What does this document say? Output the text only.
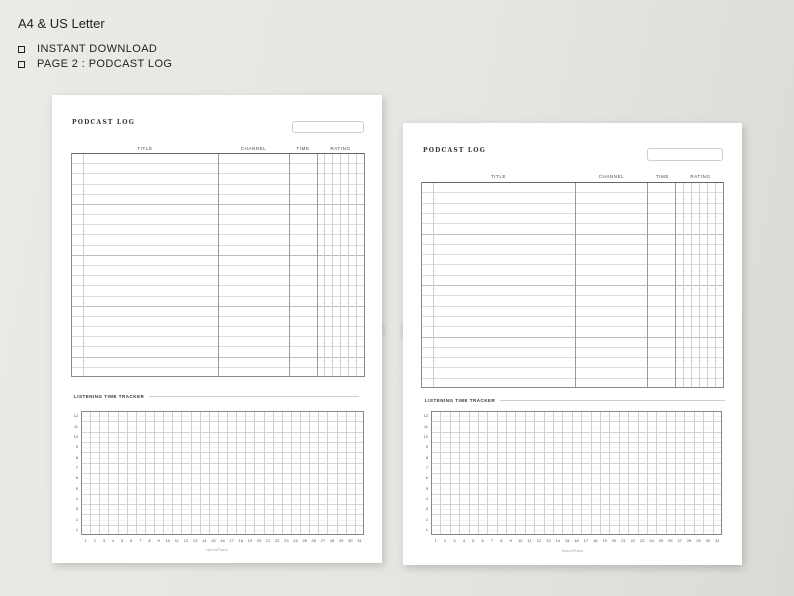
A4 & US Letter
INSTANT DOWNLOAD
PAGE 2 : PODCAST LOG
PODCAST LOG
TITLE	CHANNEL	TIME	RATING
LISTENING TIME TRACKER
HarooPlans
12
11
10
9
8
7
6
5
4
3
2
1
1	2	3	4	5	6	7	8	9	10	11	12	13	14	15	16	17	18	19	20	21	22	23	24	25	26	27	28	29	30	31
PODCAST LOG
TITLE	CHANNEL	TIME	RATING
LISTENING TIME TRACKER
HarooPlans
12
11
10
9
8
7
6
5
4
3
2
1
1	2	3	4	5	6	7	8	9	10	11	12	13	14	15	16	17	18	19	20	21	22	23	24	25	26	27	28	29	30	31
